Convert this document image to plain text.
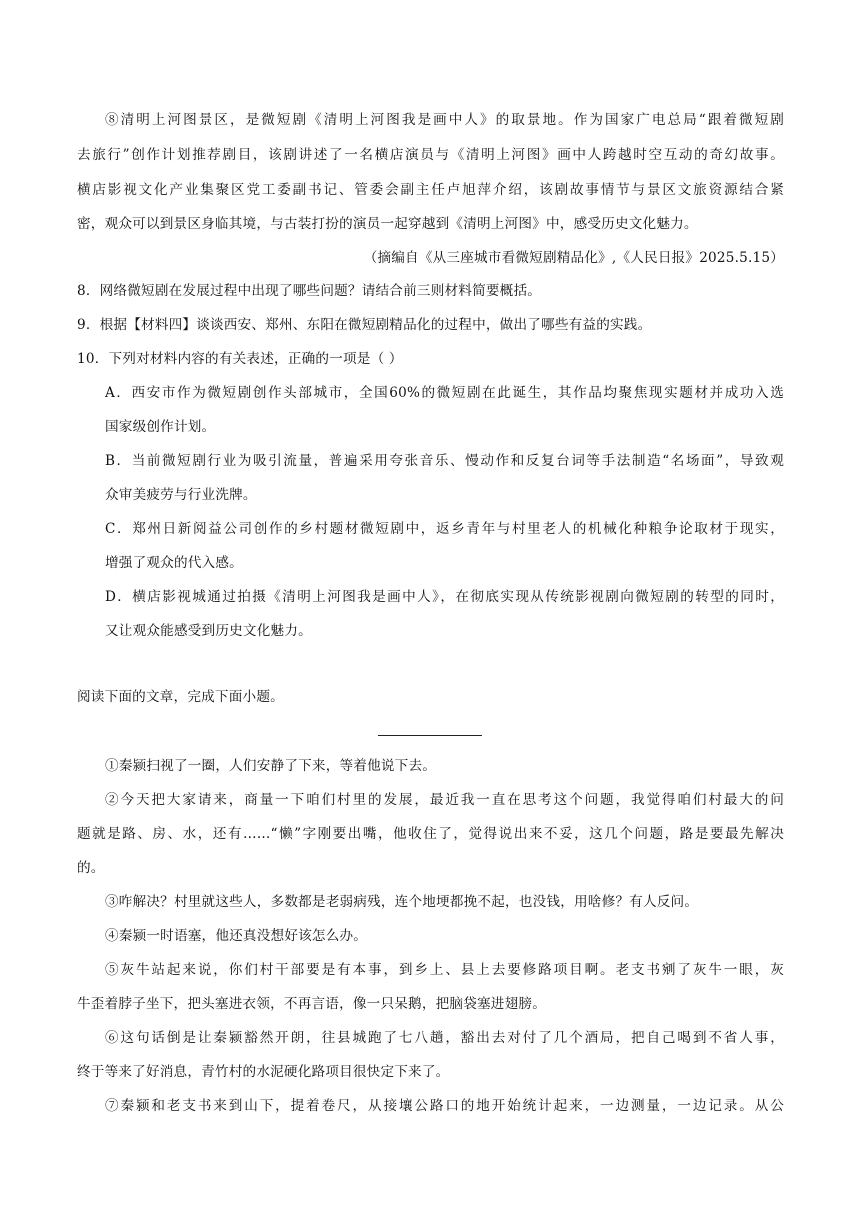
⑧清明上河图景区，是微短剧《清明上河图我是画中人》的取景地。作为国家广电总局“跟着微短剧
去旅行”创作计划推荐剧目，该剧讲述了一名横店演员与《清明上河图》画中人跨越时空互动的奇幻故事。
横店影视文化产业集聚区党工委副书记、管委会副主任卢旭萍介绍，该剧故事情节与景区文旅资源结合紧
密，观众可以到景区身临其境，与古装打扮的演员一起穿越到《清明上河图》中，感受历史文化魅力。
（摘编自《从三座城市看微短剧精品化》,《人民日报》2025.5.15）
8．网络微短剧在发展过程中出现了哪些问题？请结合前三则材料简要概括。
9．根据【材料四】谈谈西安、郑州、东阳在微短剧精品化的过程中，做出了哪些有益的实践。
10．下列对材料内容的有关表述，正确的一项是（ ）
A．西安市作为微短剧创作头部城市，全国60%的微短剧在此诞生，其作品均聚焦现实题材并成功入选
国家级创作计划。
B．当前微短剧行业为吸引流量，普遍采用夸张音乐、慢动作和反复台词等手法制造“名场面”，导致观
众审美疲劳与行业洗牌。
C．郑州日新阅益公司创作的乡村题材微短剧中，返乡青年与村里老人的机械化种粮争论取材于现实，
增强了观众的代入感。
D．横店影视城通过拍摄《清明上河图我是画中人》，在彻底实现从传统影视剧向微短剧的转型的同时，
又让观众能感受到历史文化魅力。
阅读下面的文章，完成下面小题。
①秦颍扫视了一圈，人们安静了下来，等着他说下去。
②今天把大家请来，商量一下咱们村里的发展，最近我一直在思考这个问题，我觉得咱们村最大的问
题就是路、房、水，还有……“懒”字刚要出嘴，他收住了，觉得说出来不妥，这几个问题，路是要最先解决
的。
③咋解决？村里就这些人，多数都是老弱病残，连个地埂都挽不起，也没钱，用啥修？有人反问。
④秦颍一时语塞，他还真没想好该怎么办。
⑤灰牛站起来说，你们村干部要是有本事，到乡上、县上去要修路项目啊。老支书剜了灰牛一眼，灰
牛歪着脖子坐下，把头塞进衣领，不再言语，像一只呆鹅，把脑袋塞进翅膀。
⑥这句话倒是让秦颍豁然开朗，往县城跑了七八趟，豁出去对付了几个酒局，把自己喝到不省人事，
终于等来了好消息，青竹村的水泥硬化路项目很快定下来了。
⑦秦颍和老支书来到山下，提着卷尺，从接壤公路口的地开始统计起来，一边测量，一边记录。从公
